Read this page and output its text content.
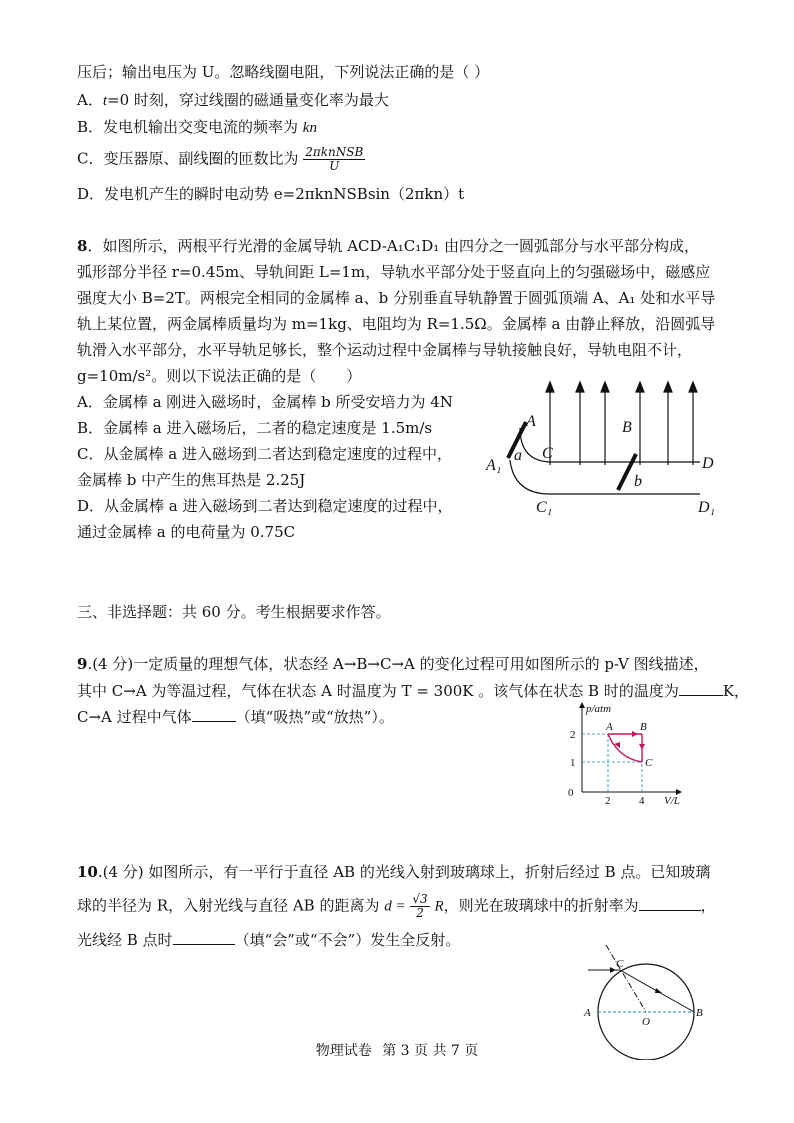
压后；输出电压为 U。忽略线圈电阻，下列说法正确的是（ ）
A．t=0 时刻，穿过线圈的磁通量变化率为最大
B．发电机输出交变电流的频率为 kn
C．变压器原、副线圈的匝数比为 $\frac{\text{2πknNSB}}{U}$
D．发电机产生的瞬时电动势 e=2πknNSBsin（2πkn）t
8．如图所示，两根平行光滑的金属导轨 ACD-A₁C₁D₁ 由四分之一圆弧部分与水平部分构成，
弧形部分半径 r=0.45m、导轨间距 L=1m，导轨水平部分处于竖直向上的匀强磁场中，磁感应
强度大小 B=2T。两根完全相同的金属棒 a、b 分别垂直导轨静置于圆弧顶端 A、A₁ 处和水平导
轨上某位置，两金属棒质量均为 m=1kg、电阻均为 R=1.5Ω。金属棒 a 由静止释放，沿圆弧导
轨滑入水平部分，水平导轨足够长，整个运动过程中金属棒与导轨接触良好，导轨电阻不计，
g=10m/s²。则以下说法正确的是（　　）
A．金属棒 a 刚进入磁场时，金属棒 b 所受安培力为 4N
B．金属棒 a 进入磁场后，二者的稳定速度是 1.5m/s
C．从金属棒 a 进入磁场到二者达到稳定速度的过程中，
金属棒 b 中产生的焦耳热是 2.25J
D．从金属棒 a 进入磁场到二者达到稳定速度的过程中，
通过金属棒 a 的电荷量为 0.75C
A
A₁
a C
B
D
b
C₁	D₁
三、非选择题：共 60 分。考生根据要求作答。
9.(4 分)一定质量的理想气体，状态经 A→B→C→A 的变化过程可用如图所示的 p-V 图线描述，
其中 C→A 为等温过程，气体在状态 A 时温度为 T = 300K 。该气体在状态 B 时的温度为	K，
C→A 过程中气体	（填“吸热”或“放热”）。	p/atm
V/L
0
2
1
2	4
A B
C
10.(4 分) 如图所示，有一平行于直径 AB 的光线入射到玻璃球上，折射后经过 B 点。已知玻璃
球的半径为 R，入射光线与直径 AB 的距离为 $d = \frac{√3}{2}$ R，则光在玻璃球中的折射率为	，
光线经 B 点时	（填“会”或“不会”）发生全反射。
A	B
O
C
物理试卷 第 3 页 共 7 页
